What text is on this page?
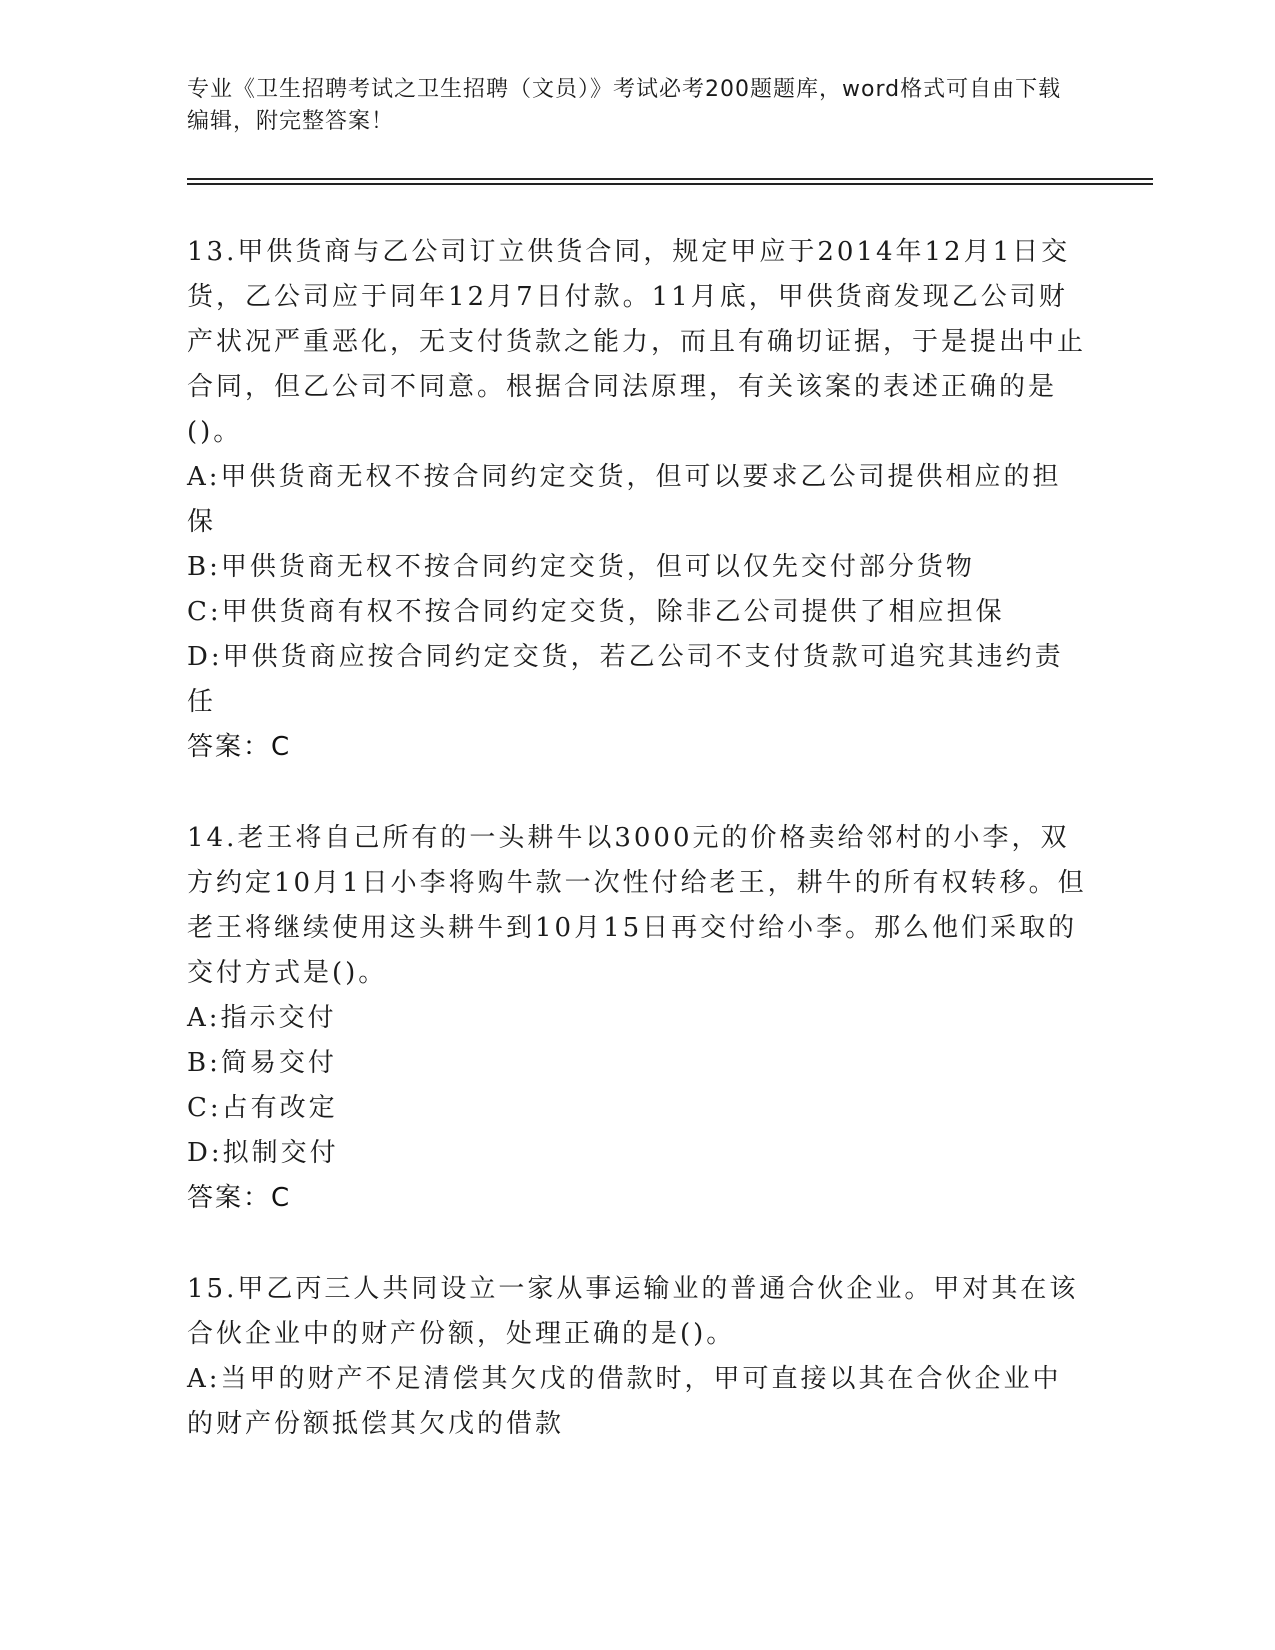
专业《卫生招聘考试之卫生招聘（文员）》考试必考200题题库，word格式可自由下载编辑，附完整答案！

13.甲供货商与乙公司订立供货合同，规定甲应于2014年12月1日交货，乙公司应于同年12月7日付款。11月底，甲供货商发现乙公司财产状况严重恶化，无支付货款之能力，而且有确切证据，于是提出中止合同，但乙公司不同意。根据合同法原理，有关该案的表述正确的是()。

A:甲供货商无权不按合同约定交货，但可以要求乙公司提供相应的担保

B:甲供货商无权不按合同约定交货，但可以仅先交付部分货物

C:甲供货商有权不按合同约定交货，除非乙公司提供了相应担保

D:甲供货商应按合同约定交货，若乙公司不支付货款可追究其违约责任

答案：C

14.老王将自己所有的一头耕牛以3000元的价格卖给邻村的小李，双方约定10月1日小李将购牛款一次性付给老王，耕牛的所有权转移。但老王将继续使用这头耕牛到10月15日再交付给小李。那么他们采取的交付方式是()。

A:指示交付

B:简易交付

C:占有改定

D:拟制交付

答案：C

15.甲乙丙三人共同设立一家从事运输业的普通合伙企业。甲对其在该合伙企业中的财产份额，处理正确的是()。

A:当甲的财产不足清偿其欠戊的借款时，甲可直接以其在合伙企业中的财产份额抵偿其欠戊的借款
